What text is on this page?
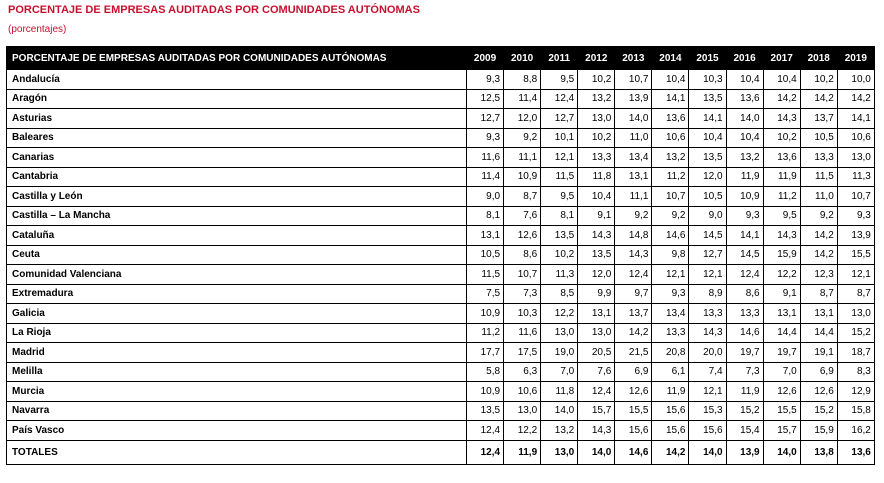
PORCENTAJE DE EMPRESAS AUDITADAS POR COMUNIDADES AUTÓNOMAS
(porcentajes)
PORCENTAJE DE EMPRESAS AUDITADAS POR COMUNIDADES AUTÓNOMAS	2009	2010	2011	2012	2013	2014	2015	2016	2017	2018	2019
Andalucía	9,3	8,8	9,5	10,2	10,7	10,4	10,3	10,4	10,4	10,2	10,0
Aragón	12,5	11,4	12,4	13,2	13,9	14,1	13,5	13,6	14,2	14,2	14,2
Asturias	12,7	12,0	12,7	13,0	14,0	13,6	14,1	14,0	14,3	13,7	14,1
Baleares	9,3	9,2	10,1	10,2	11,0	10,6	10,4	10,4	10,2	10,5	10,6
Canarias	11,6	11,1	12,1	13,3	13,4	13,2	13,5	13,2	13,6	13,3	13,0
Cantabria	11,4	10,9	11,5	11,8	13,1	11,2	12,0	11,9	11,9	11,5	11,3
Castilla y León	9,0	8,7	9,5	10,4	11,1	10,7	10,5	10,9	11,2	11,0	10,7
Castilla – La Mancha	8,1	7,6	8,1	9,1	9,2	9,2	9,0	9,3	9,5	9,2	9,3
Cataluña	13,1	12,6	13,5	14,3	14,8	14,6	14,5	14,1	14,3	14,2	13,9
Ceuta	10,5	8,6	10,2	13,5	14,3	9,8	12,7	14,5	15,9	14,2	15,5
Comunidad Valenciana	11,5	10,7	11,3	12,0	12,4	12,1	12,1	12,4	12,2	12,3	12,1
Extremadura	7,5	7,3	8,5	9,9	9,7	9,3	8,9	8,6	9,1	8,7	8,7
Galicia	10,9	10,3	12,2	13,1	13,7	13,4	13,3	13,3	13,1	13,1	13,0
La Rioja	11,2	11,6	13,0	13,0	14,2	13,3	14,3	14,6	14,4	14,4	15,2
Madrid	17,7	17,5	19,0	20,5	21,5	20,8	20,0	19,7	19,7	19,1	18,7
Melilla	5,8	6,3	7,0	7,6	6,9	6,1	7,4	7,3	7,0	6,9	8,3
Murcia	10,9	10,6	11,8	12,4	12,6	11,9	12,1	11,9	12,6	12,6	12,9
Navarra	13,5	13,0	14,0	15,7	15,5	15,6	15,3	15,2	15,5	15,2	15,8
País Vasco	12,4	12,2	13,2	14,3	15,6	15,6	15,6	15,4	15,7	15,9	16,2
TOTALES	12,4	11,9	13,0	14,0	14,6	14,2	14,0	13,9	14,0	13,8	13,6
